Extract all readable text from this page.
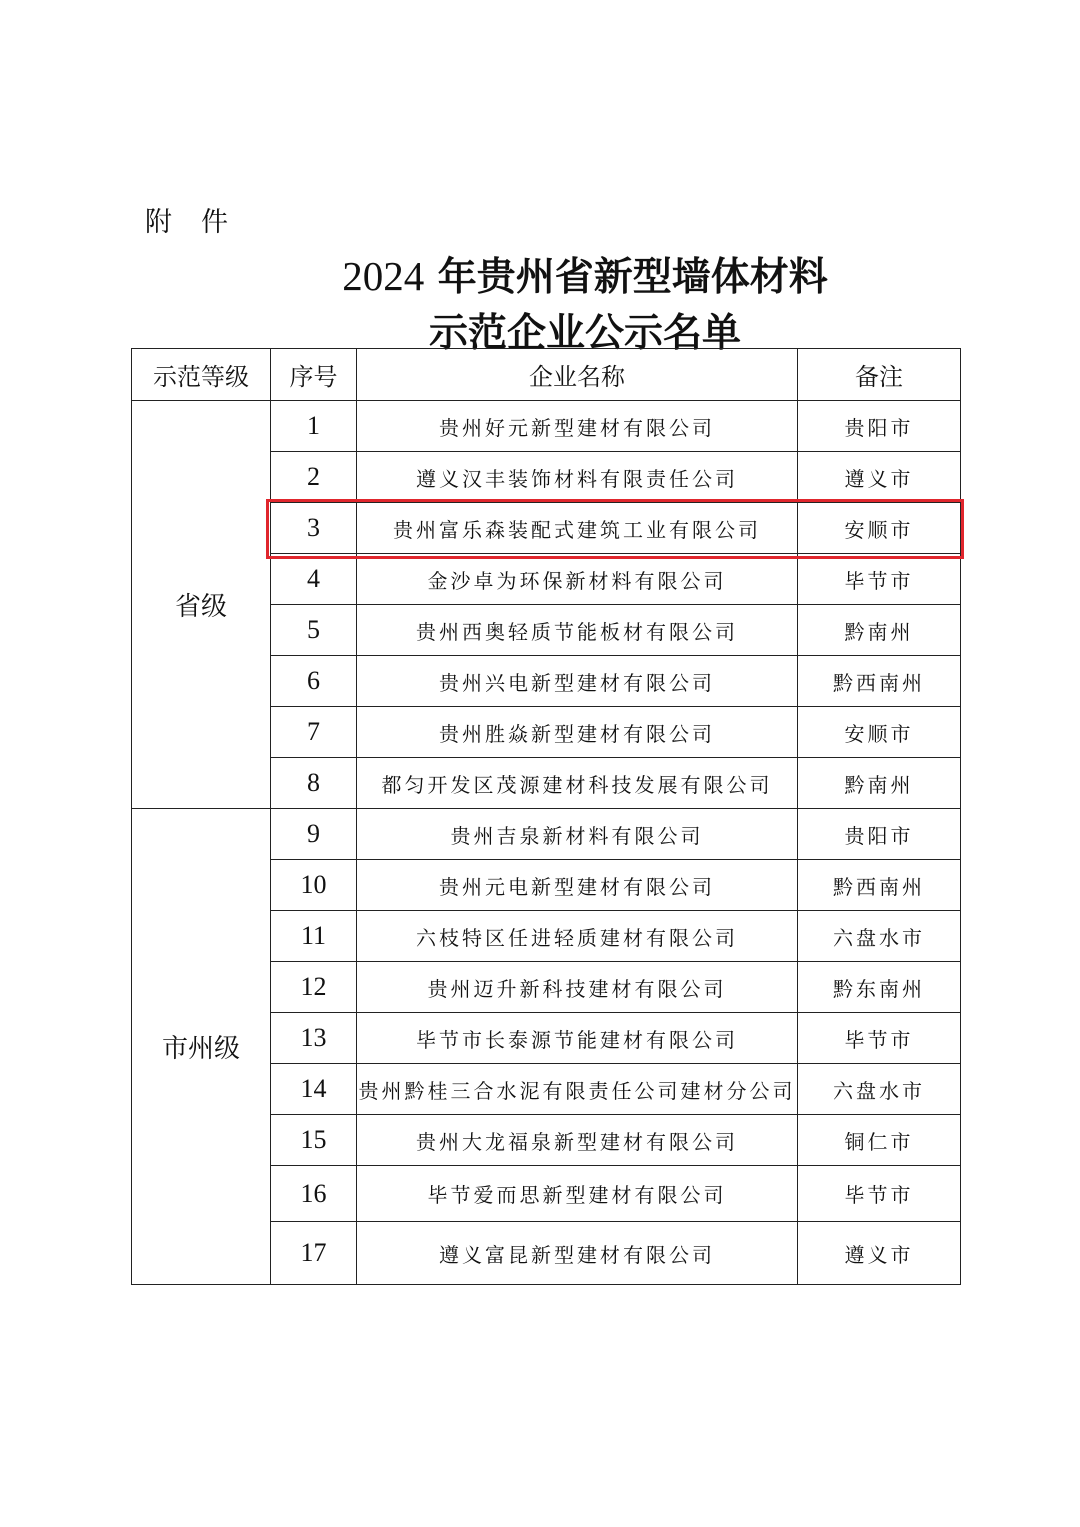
附　件
2024 年贵州省新型墙体材料
示范企业公示名单
示范等级	序号	企业名称	备注
省级	1	贵州好元新型建材有限公司	贵阳市
	2	遵义汉丰装饰材料有限责任公司	遵义市
	3	贵州富乐森装配式建筑工业有限公司	安顺市
	4	金沙卓为环保新材料有限公司	毕节市
	5	贵州西奥轻质节能板材有限公司	黔南州
	6	贵州兴电新型建材有限公司	黔西南州
	7	贵州胜焱新型建材有限公司	安顺市
	8	都匀开发区茂源建材科技发展有限公司	黔南州
市州级	9	贵州吉泉新材料有限公司	贵阳市
	10	贵州元电新型建材有限公司	黔西南州
	11	六枝特区任进轻质建材有限公司	六盘水市
	12	贵州迈升新科技建材有限公司	黔东南州
	13	毕节市长泰源节能建材有限公司	毕节市
	14	贵州黔桂三合水泥有限责任公司建材分公司	六盘水市
	15	贵州大龙福泉新型建材有限公司	铜仁市
	16	毕节爱而思新型建材有限公司	毕节市
	17	遵义富昆新型建材有限公司	遵义市
